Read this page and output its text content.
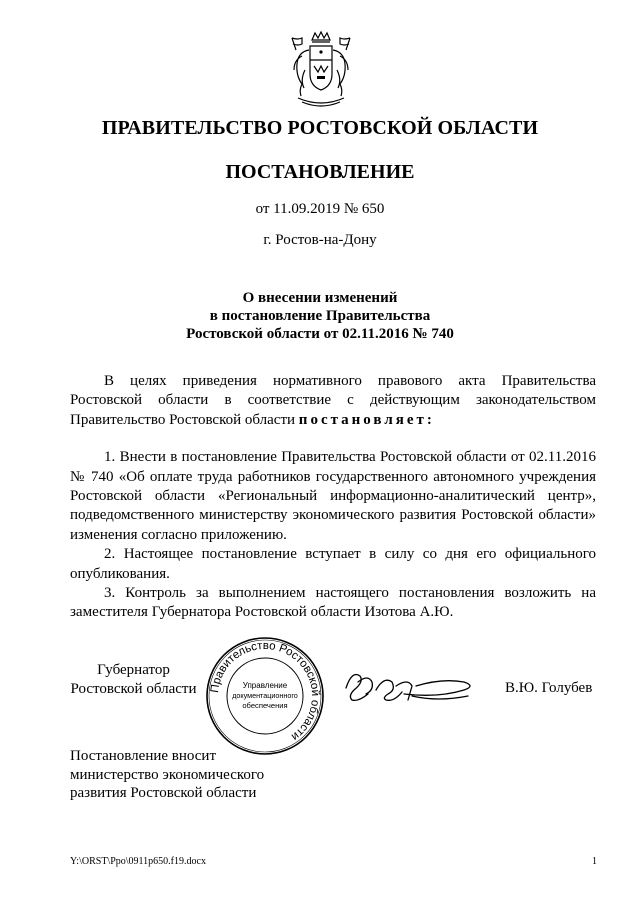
ПРАВИТЕЛЬСТВО РОСТОВСКОЙ ОБЛАСТИ
ПОСТАНОВЛЕНИЕ
от 11.09.2019 № 650
г. Ростов-на-Дону
О внесении изменений
в постановление Правительства
Ростовской области от 02.11.2016 № 740

В целях приведения нормативного правового акта Правительства Ростовской области в соответствие с действующим законодательством Правительство Ростовской области постановляет:

1. Внести в постановление Правительства Ростовской области от 02.11.2016 № 740 «Об оплате труда работников государственного автономного учреждения Ростовской области «Региональный информационно-аналитический центр», подведомственного министерству экономического развития Ростовской области» изменения согласно приложению.

2. Настоящее постановление вступает в силу со дня его официального опубликования.

3. Контроль за выполнением настоящего постановления возложить на заместителя Губернатора Ростовской области Изотова А.Ю.

Губернатор
Ростовской области Правительство Ростовской области
Управление
документационного
обеспечения
В.Ю. Голубев
Постановление вносит
министерство экономического
развития Ростовской области
Y:\ORST\Ppo\0911p650.f19.docx	1
